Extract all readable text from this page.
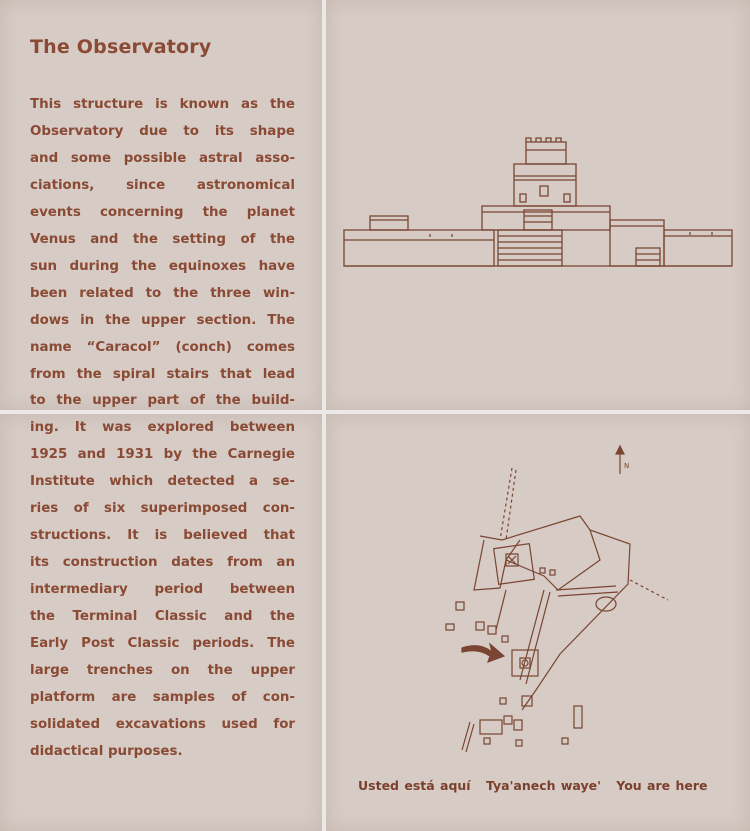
The Observatory
This structure is known as the
Observatory due to its shape
and some possible astral asso-
ciations, since astronomical
events concerning the planet
Venus and the setting of the
sun during the equinoxes have
been related to the three win-
dows in the upper section. The
name “Caracol” (conch) comes
from the spiral stairs that lead
to the upper part of the build-
ing. It was explored between
1925 and 1931 by the Carnegie
Institute which detected a se-
ries of six superimposed con-
structions. It is believed that
its construction dates from an
intermediary period between
the Terminal Classic and the
Early Post Classic periods. The
large trenches on the upper
platform are samples of con-
solidated excavations used for
didactical purposes.
N
Usted está aquí Tya'anech waye' You are here
